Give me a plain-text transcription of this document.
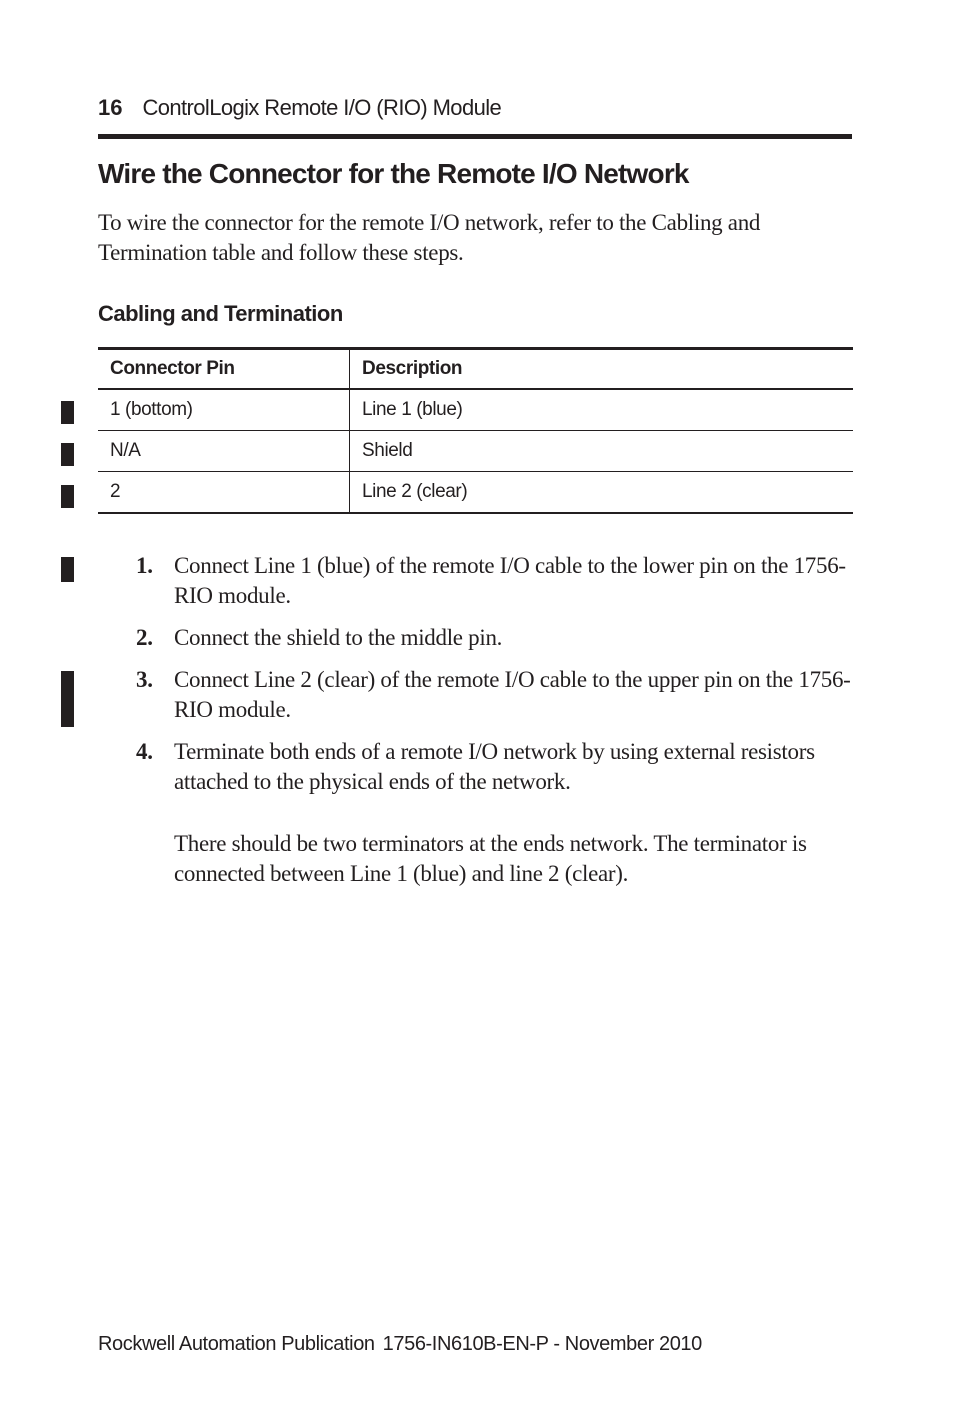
16 ControlLogix Remote I/O (RIO) Module
Wire the Connector for the Remote I/O Network

To wire the connector for the remote I/O network, refer to the Cabling and Termination table and follow these steps.

Cabling and Termination

Connector Pin	Description
1 (bottom)	Line 1 (blue)
N/A	Shield
2	Line 2 (clear)
1. Connect Line 1 (blue) of the remote I/O cable to the lower pin on the 1756-RIO module.
2. Connect the shield to the middle pin.
3. Connect Line 2 (clear) of the remote I/O cable to the upper pin on the 1756-RIO module.
4. Terminate both ends of a remote I/O network by using external resistors attached to the physical ends of the network.
There should be two terminators at the ends network. The terminator is connected between Line 1 (blue) and line 2 (clear).
Rockwell Automation Publication 1756-IN610B-EN-P - November 2010
